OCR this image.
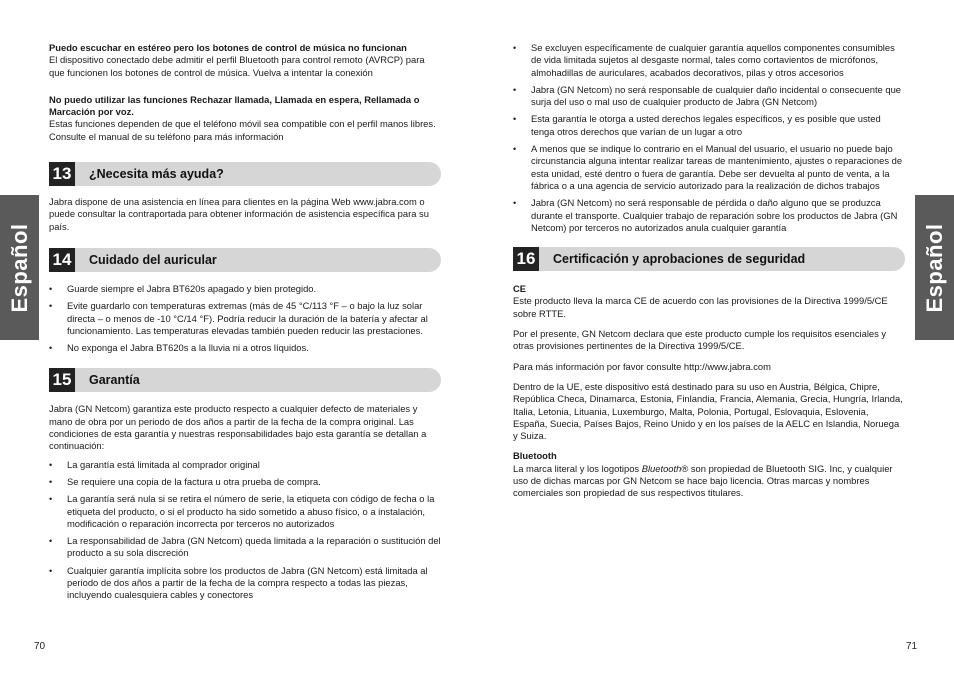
Puedo escuchar en estéreo pero los botones de control de música no funcionan

El dispositivo conectado debe admitir el perfil Bluetooth para control remoto (AVRCP) para que funcionen los botones de control de música. Vuelva a intentar la conexión

No puedo utilizar las funciones Rechazar llamada, Llamada en espera, Rellamada o Marcación por voz.

Estas funciones dependen de que el teléfono móvil sea compatible con el perfil manos libres. Consulte el manual de su teléfono para más información

13 ¿Necesita más ayuda?

Jabra dispone de una asistencia en línea para clientes en la página Web www.jabra.com o puede consultar la contraportada para obtener información de asistencia específica para su país.

14 Cuidado del auricular
• Guarde siempre el Jabra BT620s apagado y bien protegido.
• Evite guardarlo con temperaturas extremas (más de 45 °C/113 °F – o bajo la luz solar directa – o menos de -10 °C/14 °F). Podría reducir la duración de la batería y afectar al funcionamiento. Las temperaturas elevadas también pueden reducir las prestaciones.
• No exponga el Jabra BT620s a la lluvia ni a otros líquidos.
15 Garantía

Jabra (GN Netcom) garantiza este producto respecto a cualquier defecto de materiales y mano de obra por un periodo de dos años a partir de la fecha de la compra original. Las condiciones de esta garantía y nuestras responsabilidades bajo esta garantía se detallan a continuación:

• La garantía está limitada al comprador original
• Se requiere una copia de la factura u otra prueba de compra.
• La garantía será nula si se retira el número de serie, la etiqueta con código de fecha o la etiqueta del producto, o si el producto ha sido sometido a abuso físico, o a instalación, modificación o reparación incorrecta por terceros no autorizados
• La responsabilidad de Jabra (GN Netcom) queda limitada a la reparación o sustitución del producto a su sola discreción
• Cualquier garantía implícita sobre los productos de Jabra (GN Netcom) está limitada al periodo de dos años a partir de la fecha de la compra respecto a todas las piezas, incluyendo cualesquiera cables y conectores
70
Español
• Se excluyen específicamente de cualquier garantía aquellos componentes consumibles de vida limitada sujetos al desgaste normal, tales como cortavientos de micrófonos, almohadillas de auriculares, acabados decorativos, pilas y otros accesorios
• Jabra (GN Netcom) no será responsable de cualquier daño incidental o consecuente que surja del uso o mal uso de cualquier producto de Jabra (GN Netcom)
• Esta garantía le otorga a usted derechos legales específicos, y es posible que usted tenga otros derechos que varían de un lugar a otro
• A menos que se indique lo contrario en el Manual del usuario, el usuario no puede bajo circunstancia alguna intentar realizar tareas de mantenimiento, ajustes o reparaciones de esta unidad, esté dentro o fuera de garantía. Debe ser devuelta al punto de venta, a la fábrica o a una agencia de servicio autorizado para la realización de dichos trabajos
• Jabra (GN Netcom) no será responsable de pérdida o daño alguno que se produzca durante el transporte. Cualquier trabajo de reparación sobre los productos de Jabra (GN Netcom) por terceros no autorizados anula cualquier garantía
16 Certificación y aprobaciones de seguridad

CE

Este producto lleva la marca CE de acuerdo con las provisiones de la Directiva 1999/5/CE sobre RTTE.

Por el presente, GN Netcom declara que este producto cumple los requisitos esenciales y otras provisiones pertinentes de la Directiva 1999/5/CE.

Para más información por favor consulte http://www.jabra.com

Dentro de la UE, este dispositivo está destinado para su uso en Austria, Bélgica, Chipre, República Checa, Dinamarca, Estonia, Finlandia, Francia, Alemania, Grecia, Hungría, Irlanda, Italia, Letonia, Lituania, Luxemburgo, Malta, Polonia, Portugal, Eslovaquia, Eslovenia, España, Suecia, Países Bajos, Reino Unido y en los países de la AELC en Islandia, Noruega y Suiza.

Bluetooth

La marca literal y los logotipos Bluetooth® son propiedad de Bluetooth SIG. Inc, y cualquier uso de dichas marcas por GN Netcom se hace bajo licencia. Otras marcas y nombres comerciales son propiedad de sus respectivos titulares.

71
Español
